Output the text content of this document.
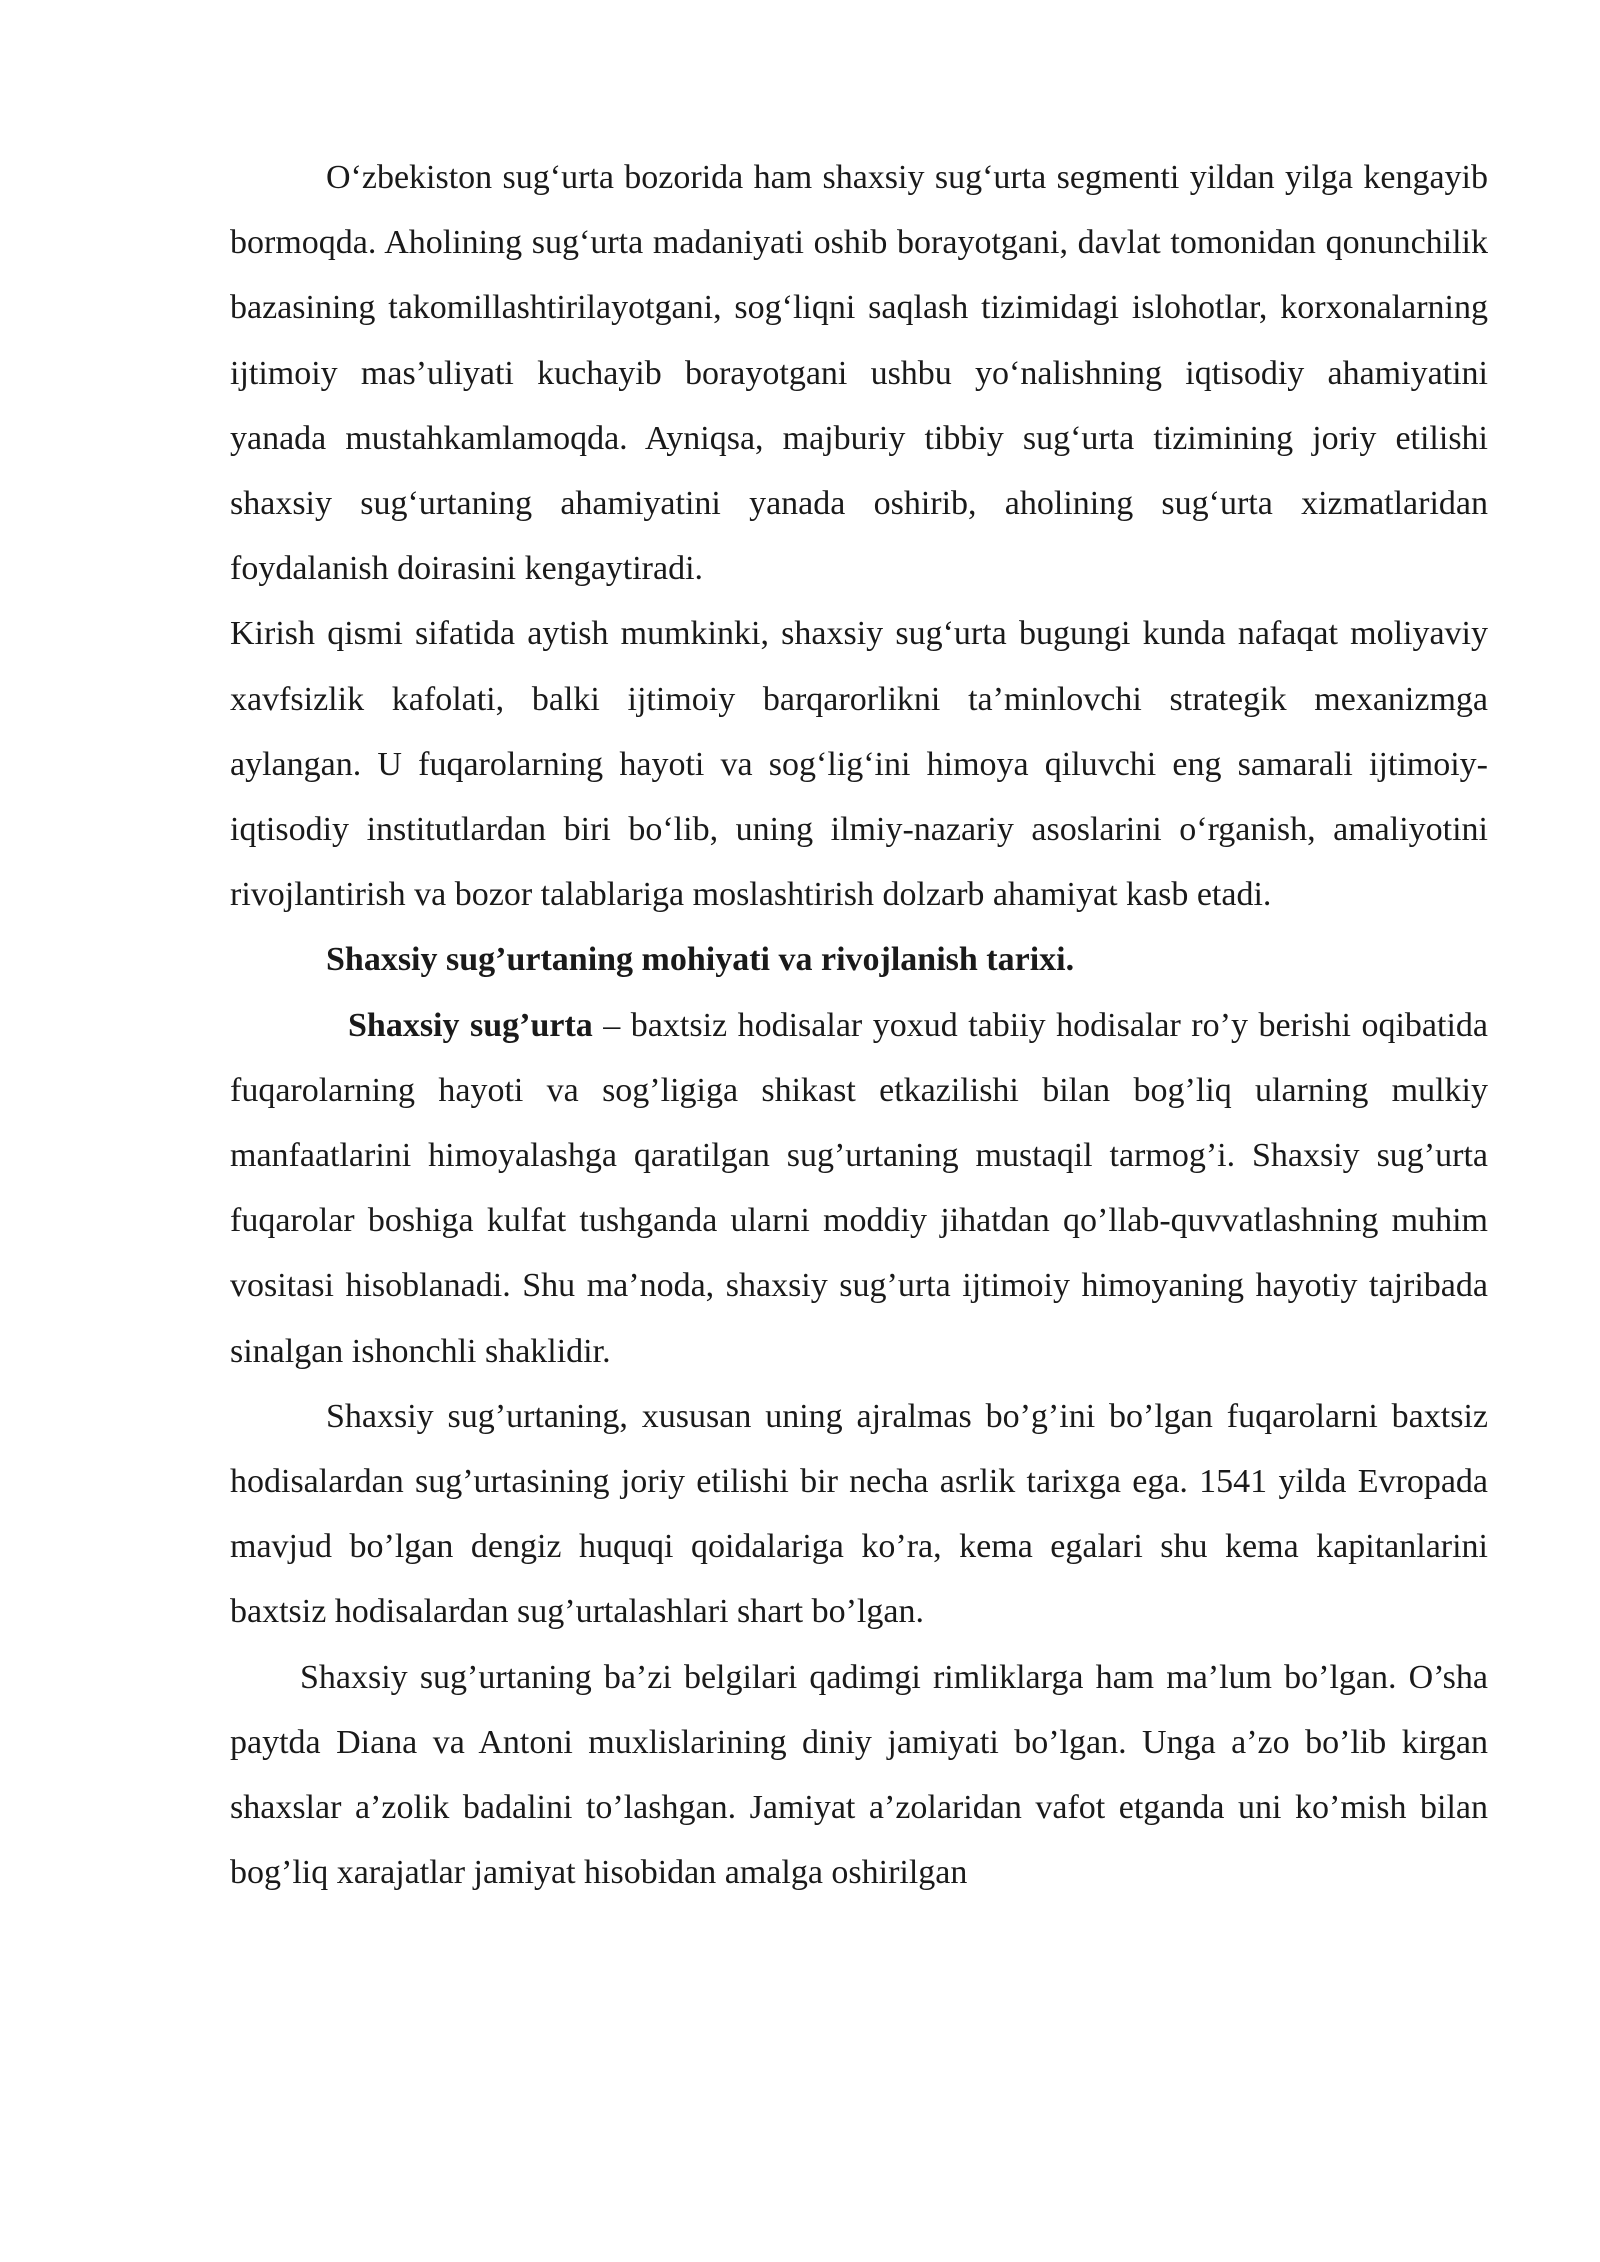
O‘zbekiston sug‘urta bozorida ham shaxsiy sug‘urta segmenti yildan yilga kengayib bormoqda. Aholining sug‘urta madaniyati oshib borayotgani, davlat tomonidan qonunchilik bazasining takomillashtirilayotgani, sog‘liqni saqlash tizimidagi islohotlar, korxonalarning ijtimoiy mas’uliyati kuchayib borayotgani ushbu yo‘nalishning iqtisodiy ahamiyatini yanada mustahkamlamoqda. Ayniqsa, majburiy tibbiy sug‘urta tizimining joriy etilishi shaxsiy sug‘urtaning ahamiyatini yanada oshirib, aholining sug‘urta xizmatlaridan foydalanish doirasini kengaytiradi.

Kirish qismi sifatida aytish mumkinki, shaxsiy sug‘urta bugungi kunda nafaqat moliyaviy xavfsizlik kafolati, balki ijtimoiy barqarorlikni ta’minlovchi strategik mexanizmga aylangan. U fuqarolarning hayoti va sog‘lig‘ini himoya qiluvchi eng samarali ijtimoiy-iqtisodiy institutlardan biri bo‘lib, uning ilmiy-nazariy asoslarini o‘rganish, amaliyotini rivojlantirish va bozor talablariga moslashtirish dolzarb ahamiyat kasb etadi.

Shaxsiy sug’urtaning mohiyati va rivojlanish tarixi.

Shaxsiy sug’urta – baxtsiz hodisalar yoxud tabiiy hodisalar ro’y berishi oqibatida fuqarolarning hayoti va sog’ligiga shikast etkazilishi bilan bog’liq ularning mulkiy manfaatlarini himoyalashga qaratilgan sug’urtaning mustaqil tarmog’i. Shaxsiy sug’urta fuqarolar boshiga kulfat tushganda ularni moddiy jihatdan qo’llab-quvvatlashning muhim vositasi hisoblanadi. Shu ma’noda, shaxsiy sug’urta ijtimoiy himoyaning hayotiy tajribada sinalgan ishonchli shaklidir.

Shaxsiy sug’urtaning, xususan uning ajralmas bo’g’ini bo’lgan fuqarolarni baxtsiz hodisalardan sug’urtasining joriy etilishi bir necha asrlik tarixga ega. 1541 yilda Evropada mavjud bo’lgan dengiz huquqi qoidalariga ko’ra, kema egalari shu kema kapitanlarini baxtsiz hodisalardan sug’urtalashlari shart bo’lgan.

Shaxsiy sug’urtaning ba’zi belgilari qadimgi rimliklarga ham ma’lum bo’lgan. O’sha paytda Diana va Antoni muxlislarining diniy jamiyati bo’lgan. Unga a’zo bo’lib kirgan shaxslar a’zolik badalini to’lashgan. Jamiyat a’zolaridan vafot etganda uni ko’mish bilan bog’liq xarajatlar jamiyat hisobidan amalga oshirilgan
